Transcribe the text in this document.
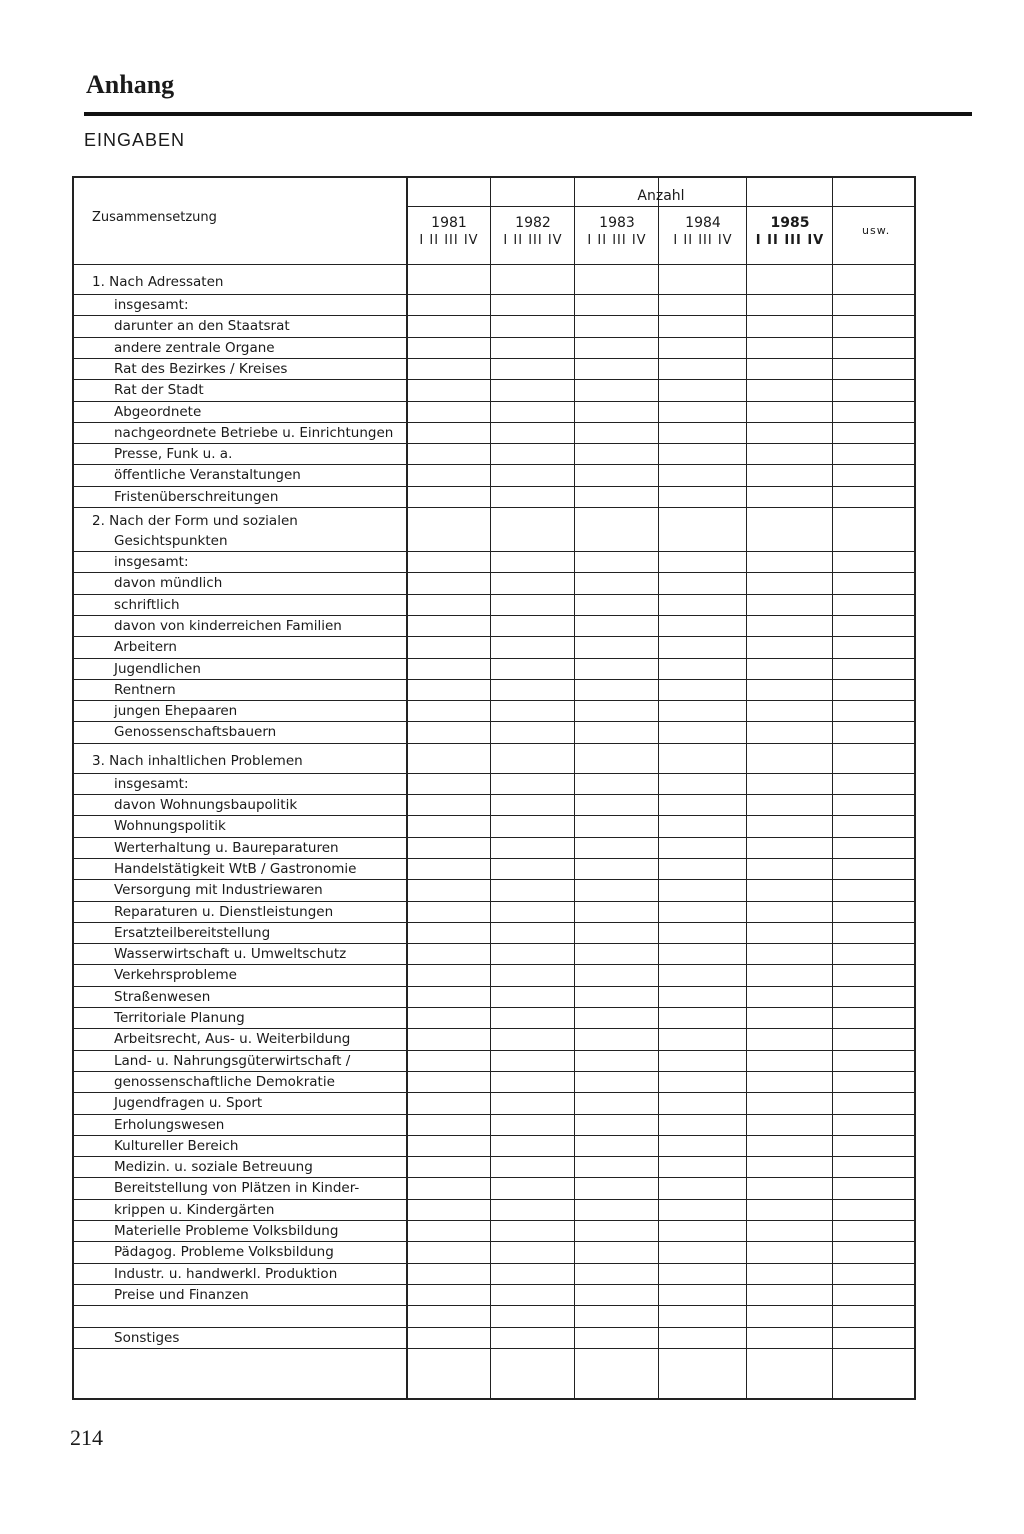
Anhang
EINGABEN
Anzahl
Zusammensetzung	1981
I II III IV
1982
I II III IV
1983
I II III IV
1984
I II III IV
1985
I II III IV
usw.
1. Nach Adressaten
insgesamt:
darunter an den Staatsrat
andere zentrale Organe
Rat des Bezirkes / Kreises
Rat der Stadt
Abgeordnete
nachgeordnete Betriebe u. Einrichtungen
Presse, Funk u. a.
öffentliche Veranstaltungen
Fristenüberschreitungen
2. Nach der Form und sozialen
Gesichtspunkten
insgesamt:
davon mündlich
schriftlich
davon von kinderreichen Familien
Arbeitern
Jugendlichen
Rentnern
jungen Ehepaaren
Genossenschaftsbauern
3. Nach inhaltlichen Problemen
insgesamt:
davon Wohnungsbaupolitik
Wohnungspolitik
Werterhaltung u. Baureparaturen
Handelstätigkeit WtB / Gastronomie
Versorgung mit Industriewaren
Reparaturen u. Dienstleistungen
Ersatzteilbereitstellung
Wasserwirtschaft u. Umweltschutz
Verkehrsprobleme
Straßenwesen
Territoriale Planung
Arbeitsrecht, Aus- u. Weiterbildung
Land- u. Nahrungsgüterwirtschaft /
genossenschaftliche Demokratie
Jugendfragen u. Sport
Erholungswesen
Kultureller Bereich
Medizin. u. soziale Betreuung
Bereitstellung von Plätzen in Kinder-
krippen u. Kindergärten
Materielle Probleme Volksbildung
Pädagog. Probleme Volksbildung
Industr. u. handwerkl. Produktion
Preise und Finanzen
Sonstiges
214
